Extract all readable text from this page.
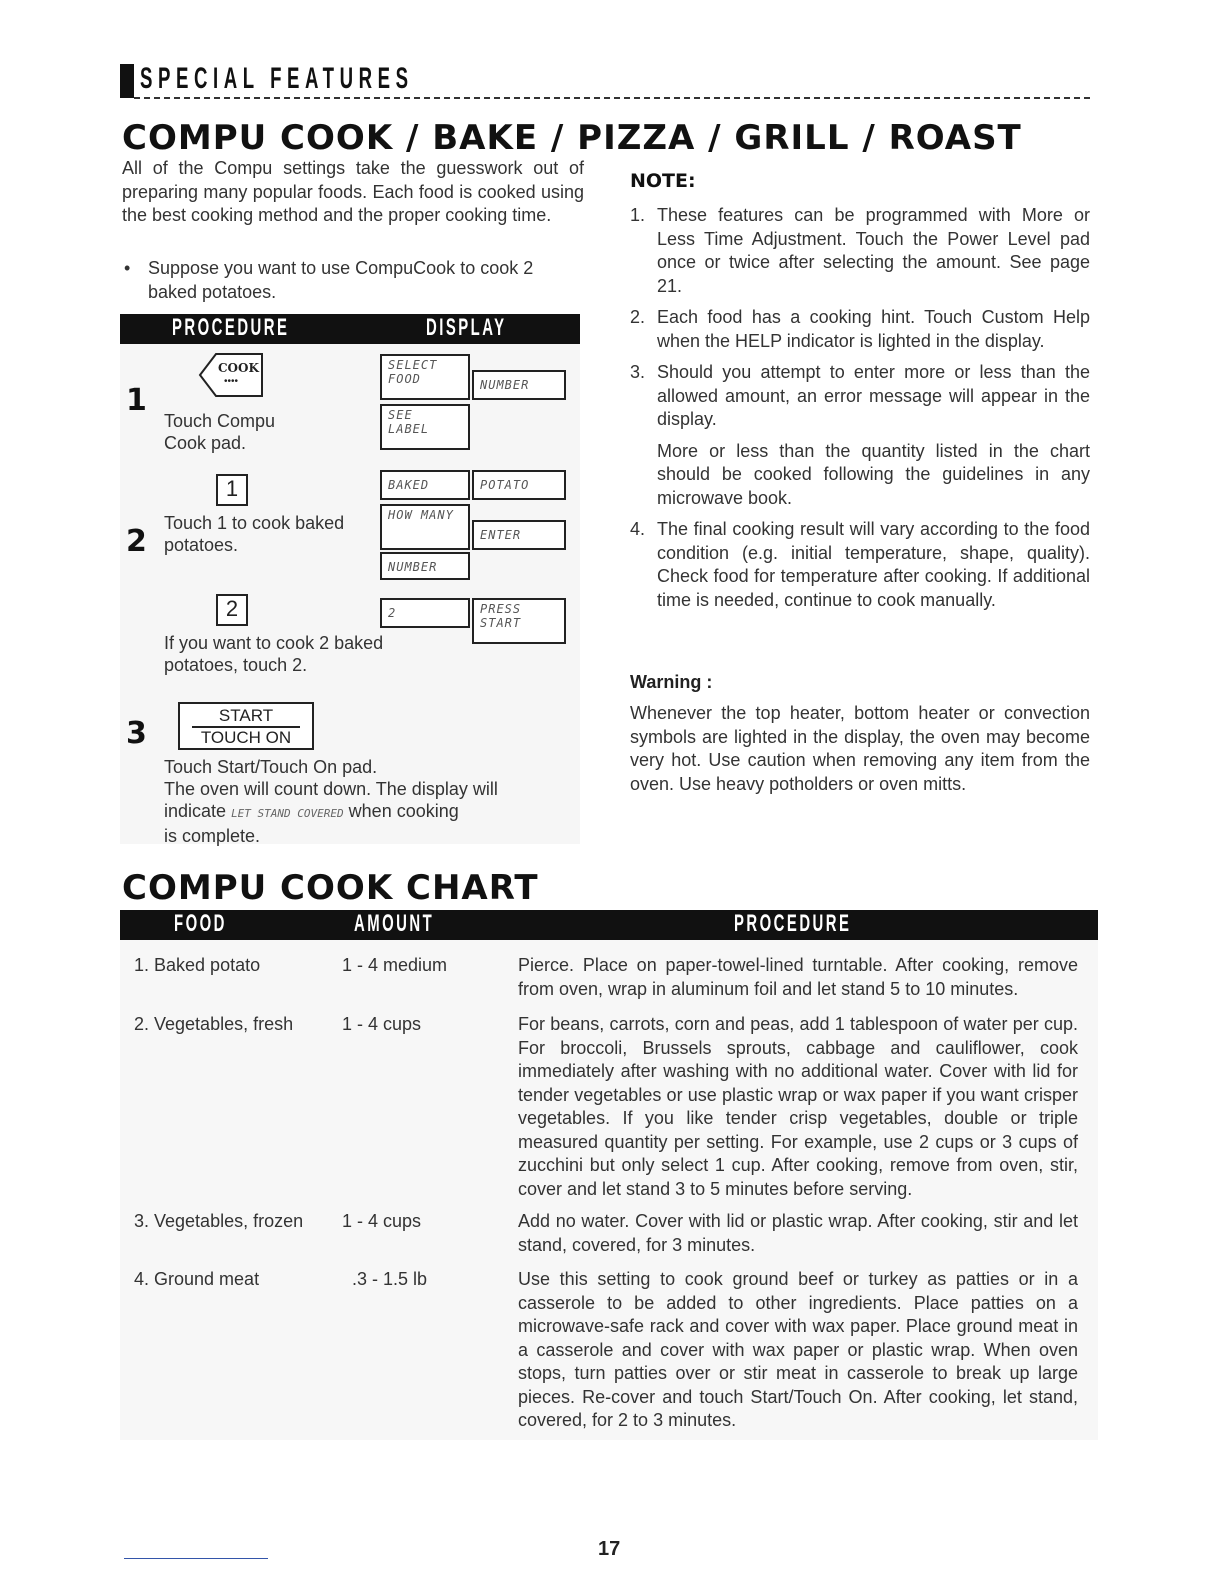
SPECIAL FEATURES
COMPU COOK / BAKE / PIZZA / GRILL / ROAST
All of the Compu settings take the guesswork out of preparing many popular foods. Each food is cooked using the best cooking method and the proper cooking time.
• Suppose you want to use CompuCook to cook 2 baked potatoes.
PROCEDURE	DISPLAY
1
COOK
••••
Touch Compu Cook pad.
SELECT FOOD	NUMBER
SEE LABEL
1
2
Touch 1 to cook baked potatoes.
BAKED	POTATO
HOW MANY
ENTER
NUMBER
2
If you want to cook 2 baked potatoes, touch 2.
2	PRESS START
3
START
TOUCH ON
Touch Start/Touch On pad.
The oven will count down. The display will
indicate LET STAND COVERED when cooking
is complete.
NOTE:
1. These features can be programmed with More or Less Time Adjustment. Touch the Power Level pad once or twice after selecting the amount. See page 21.
2. Each food has a cooking hint. Touch Custom Help when the HELP indicator is lighted in the display.
3. Should you attempt to enter more or less than the allowed amount, an error message will appear in the display.
More or less than the quantity listed in the chart should be cooked following the guidelines in any microwave book.
4. The final cooking result will vary according to the food condition (e.g. initial temperature, shape, quality). Check food for temperature after cooking. If additional time is needed, continue to cook manually.
Warning :
Whenever the top heater, bottom heater or convection symbols are lighted in the display, the oven may become very hot. Use caution when removing any item from the oven. Use heavy potholders or oven mitts.
COMPU COOK CHART
FOOD	AMOUNT	PROCEDURE
1. Baked potato	1 - 4 medium	Pierce. Place on paper-towel-lined turntable. After cooking, remove from oven, wrap in aluminum foil and let stand 5 to 10 minutes.
2. Vegetables, fresh	1 - 4 cups	For beans, carrots, corn and peas, add 1 tablespoon of water per cup. For broccoli, Brussels sprouts, cabbage and cauliflower, cook immediately after washing with no additional water. Cover with lid for tender vegetables or use plastic wrap or wax paper if you want crisper vegetables. If you like tender crisp vegetables, double or triple measured quantity per setting. For example, use 2 cups or 3 cups of zucchini but only select 1 cup. After cooking, remove from oven, stir, cover and let stand 3 to 5 minutes before serving.
3. Vegetables, frozen 1 - 4 cups	Add no water. Cover with lid or plastic wrap. After cooking, stir and let stand, covered, for 3 minutes.
4. Ground meat	.3 - 1.5 lb	Use this setting to cook ground beef or turkey as patties or in a casserole to be added to other ingredients. Place patties on a microwave-safe rack and cover with wax paper. Place ground meat in a casserole and cover with wax paper or plastic wrap. When oven stops, turn patties over or stir meat in casserole to break up large pieces. Re-cover and touch Start/Touch On. After cooking, let stand, covered, for 2 to 3 minutes.
17
